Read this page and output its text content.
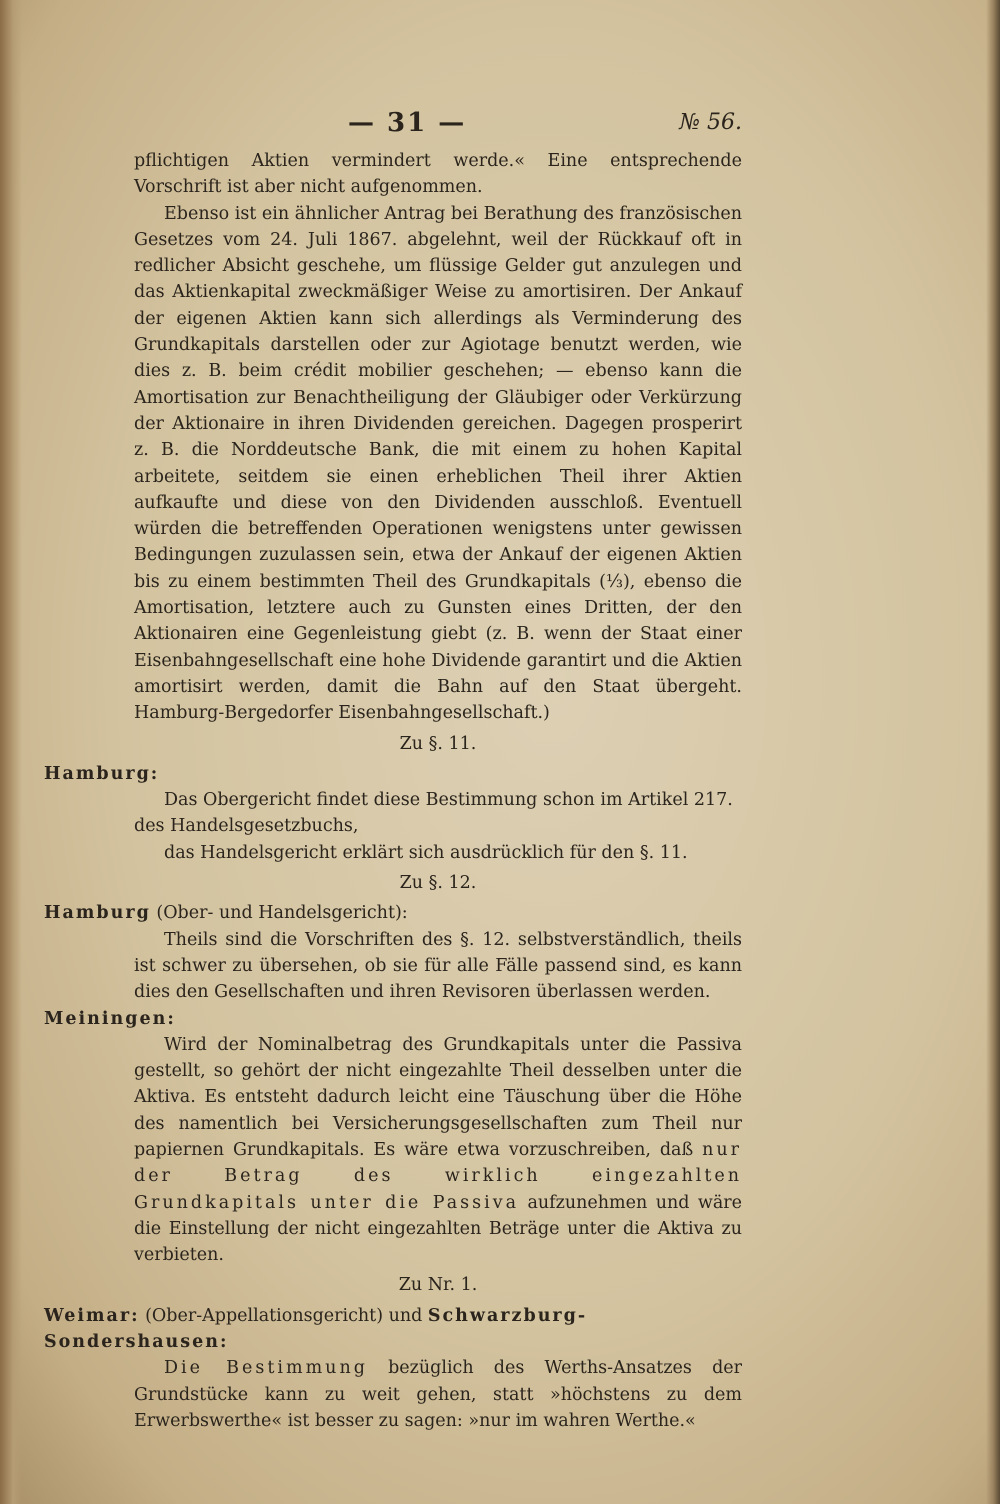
— 31 —	№ 56.

pflichtigen Aktien vermindert werde.« Eine entsprechende Vorschrift ist aber nicht aufgenommen.

Ebenso ist ein ähnlicher Antrag bei Berathung des französischen Gesetzes vom 24. Juli 1867. abgelehnt, weil der Rückkauf oft in redlicher Absicht geschehe, um flüssige Gelder gut anzulegen und das Aktienkapital zweckmäßiger Weise zu amortisiren. Der Ankauf der eigenen Aktien kann sich allerdings als Verminderung des Grundkapitals darstellen oder zur Agiotage benutzt werden, wie dies z. B. beim crédit mobilier geschehen; — ebenso kann die Amortisation zur Benachtheiligung der Gläubiger oder Verkürzung der Aktionaire in ihren Dividenden gereichen. Dagegen prosperirt z. B. die Norddeutsche Bank, die mit einem zu hohen Kapital arbeitete, seitdem sie einen erheblichen Theil ihrer Aktien aufkaufte und diese von den Dividenden ausschloß. Eventuell würden die betreffenden Operationen wenigstens unter gewissen Bedingungen zuzulassen sein, etwa der Ankauf der eigenen Aktien bis zu einem bestimmten Theil des Grundkapitals (⅓), ebenso die Amortisation, letztere auch zu Gunsten eines Dritten, der den Aktionairen eine Gegenleistung giebt (z. B. wenn der Staat einer Eisenbahngesellschaft eine hohe Dividende garantirt und die Aktien amortisirt werden, damit die Bahn auf den Staat übergeht. Hamburg-Bergedorfer Eisenbahngesellschaft.)

Zu §. 11.

Hamburg:

Das Obergericht findet diese Bestimmung schon im Artikel 217. des Handelsgesetzbuchs,

das Handelsgericht erklärt sich ausdrücklich für den §. 11.

Zu §. 12.

Hamburg (Ober- und Handelsgericht):

Theils sind die Vorschriften des §. 12. selbstverständlich, theils ist schwer zu übersehen, ob sie für alle Fälle passend sind, es kann dies den Gesellschaften und ihren Revisoren überlassen werden.

Meiningen:

Wird der Nominalbetrag des Grundkapitals unter die Passiva gestellt, so gehört der nicht eingezahlte Theil desselben unter die Aktiva. Es entsteht dadurch leicht eine Täuschung über die Höhe des namentlich bei Versicherungsgesellschaften zum Theil nur papiernen Grundkapitals. Es wäre etwa vorzuschreiben, daß nur der Betrag des wirklich eingezahlten Grundkapitals unter die Passiva aufzunehmen und wäre die Einstellung der nicht eingezahlten Beträge unter die Aktiva zu verbieten.

Zu Nr. 1.

Weimar: (Ober-Appellationsgericht) und Schwarzburg-Sondershausen:

Die Bestimmung bezüglich des Werths-Ansatzes der Grundstücke kann zu weit gehen, statt »höchstens zu dem Erwerbswerthe« ist besser zu sagen: »nur im wahren Werthe.«
